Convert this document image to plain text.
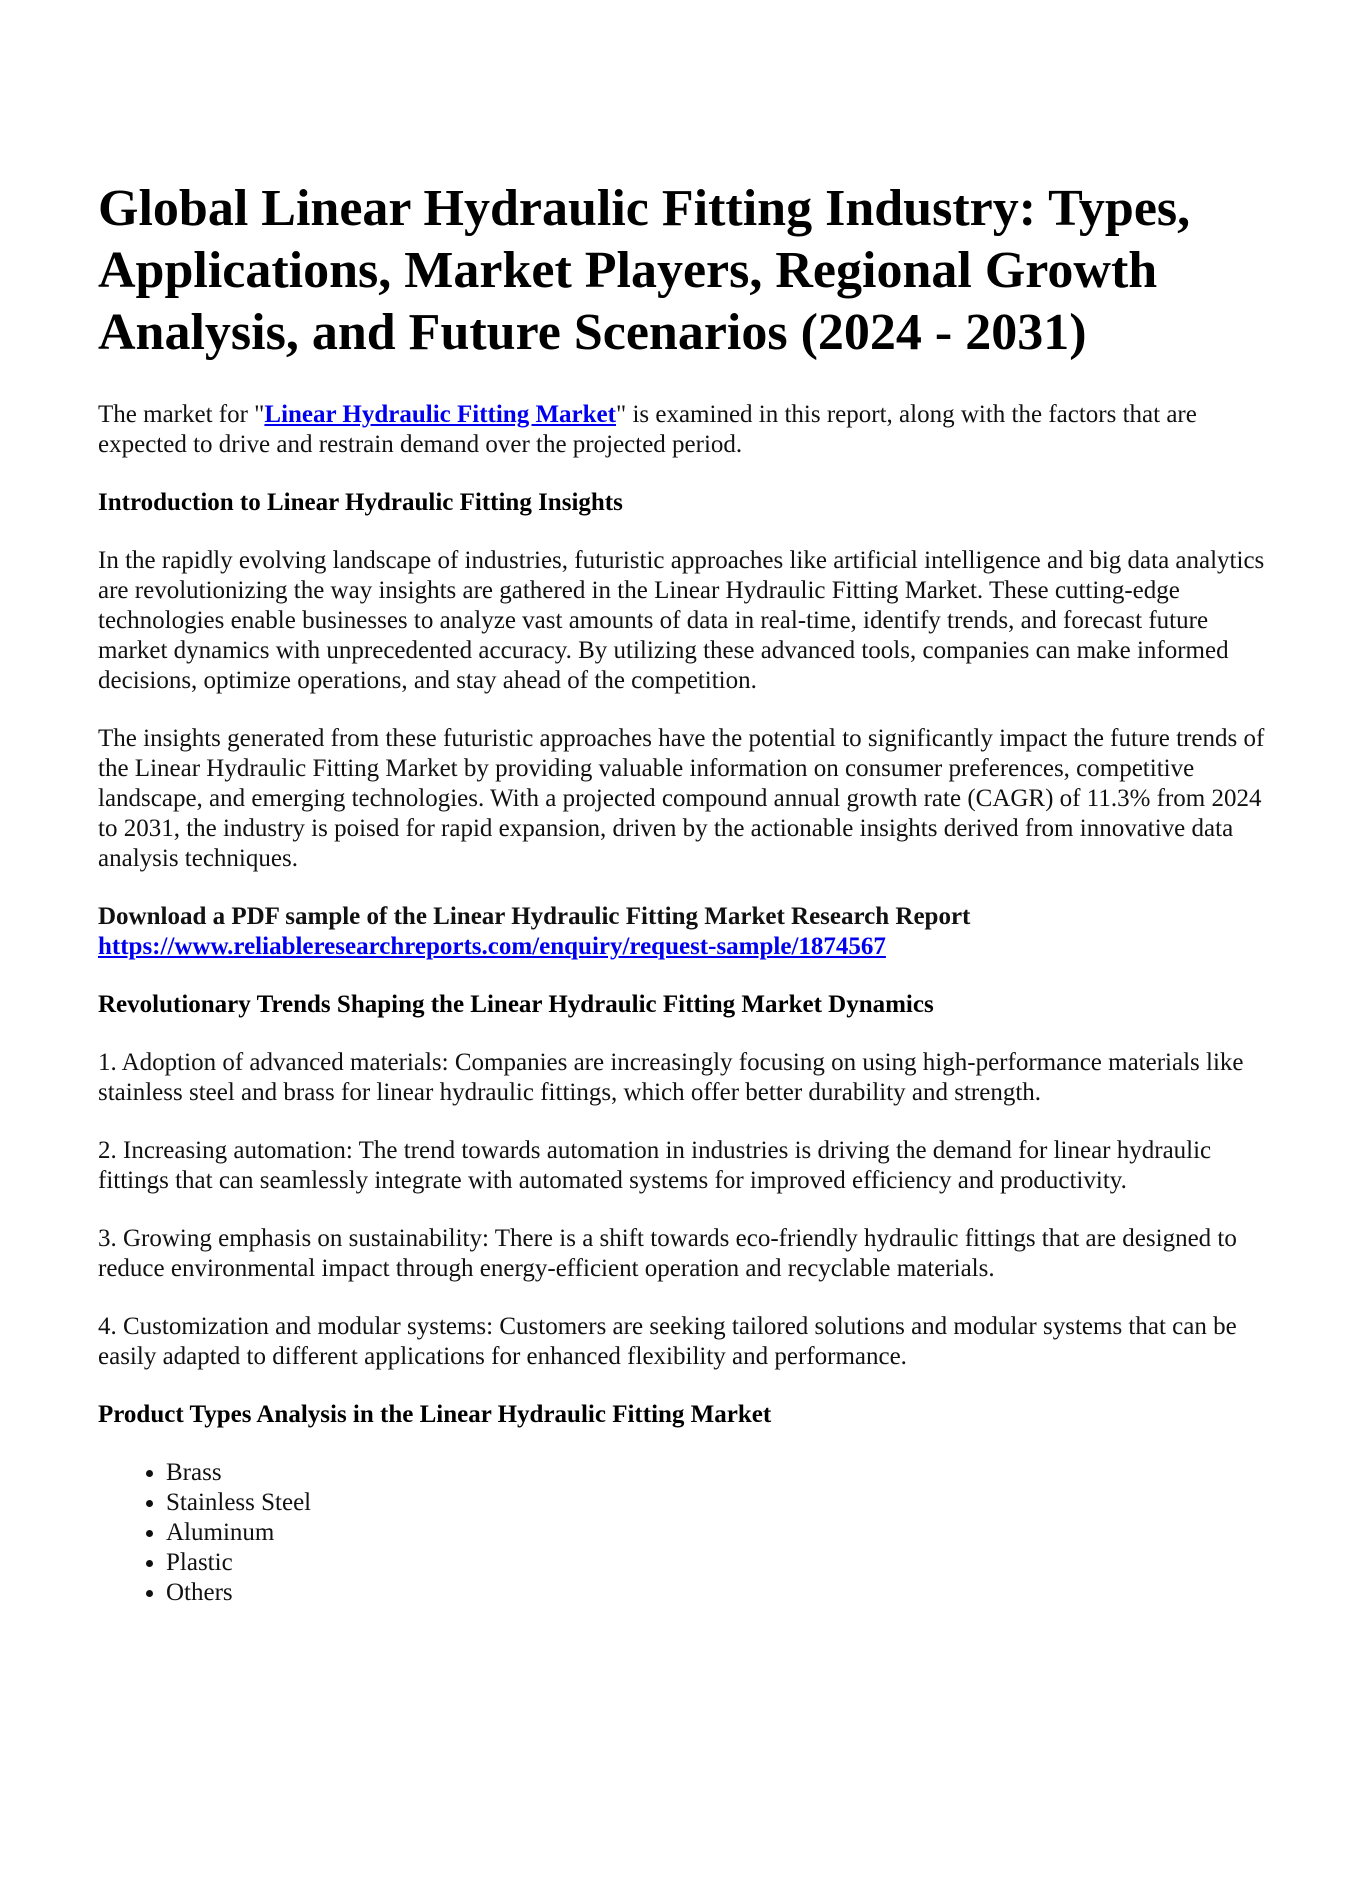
Global Linear Hydraulic Fitting Industry: Types, Applications, Market Players, Regional Growth Analysis, and Future Scenarios (2024 - 2031)

The market for "Linear Hydraulic Fitting Market" is examined in this report, along with the factors that are expected to drive and restrain demand over the projected period.

Introduction to Linear Hydraulic Fitting Insights

In the rapidly evolving landscape of industries, futuristic approaches like artificial intelligence and big data analytics are revolutionizing the way insights are gathered in the Linear Hydraulic Fitting Market. These cutting-edge technologies enable businesses to analyze vast amounts of data in real-time, identify trends, and forecast future market dynamics with unprecedented accuracy. By utilizing these advanced tools, companies can make informed decisions, optimize operations, and stay ahead of the competition.

The insights generated from these futuristic approaches have the potential to significantly impact the future trends of the Linear Hydraulic Fitting Market by providing valuable information on consumer preferences, competitive landscape, and emerging technologies. With a projected compound annual growth rate (CAGR) of 11.3% from 2024 to 2031, the industry is poised for rapid expansion, driven by the actionable insights derived from innovative data analysis techniques.

Download a PDF sample of the Linear Hydraulic Fitting Market Research Report
https://www.reliableresearchreports.com/enquiry/request-sample/1874567

Revolutionary Trends Shaping the Linear Hydraulic Fitting Market Dynamics

1. Adoption of advanced materials: Companies are increasingly focusing on using high-performance materials like stainless steel and brass for linear hydraulic fittings, which offer better durability and strength.

2. Increasing automation: The trend towards automation in industries is driving the demand for linear hydraulic fittings that can seamlessly integrate with automated systems for improved efficiency and productivity.

3. Growing emphasis on sustainability: There is a shift towards eco-friendly hydraulic fittings that are designed to reduce environmental impact through energy-efficient operation and recyclable materials.

4. Customization and modular systems: Customers are seeking tailored solutions and modular systems that can be easily adapted to different applications for enhanced flexibility and performance.

Product Types Analysis in the Linear Hydraulic Fitting Market
• Brass
• Stainless Steel
• Aluminum
• Plastic
• Others
